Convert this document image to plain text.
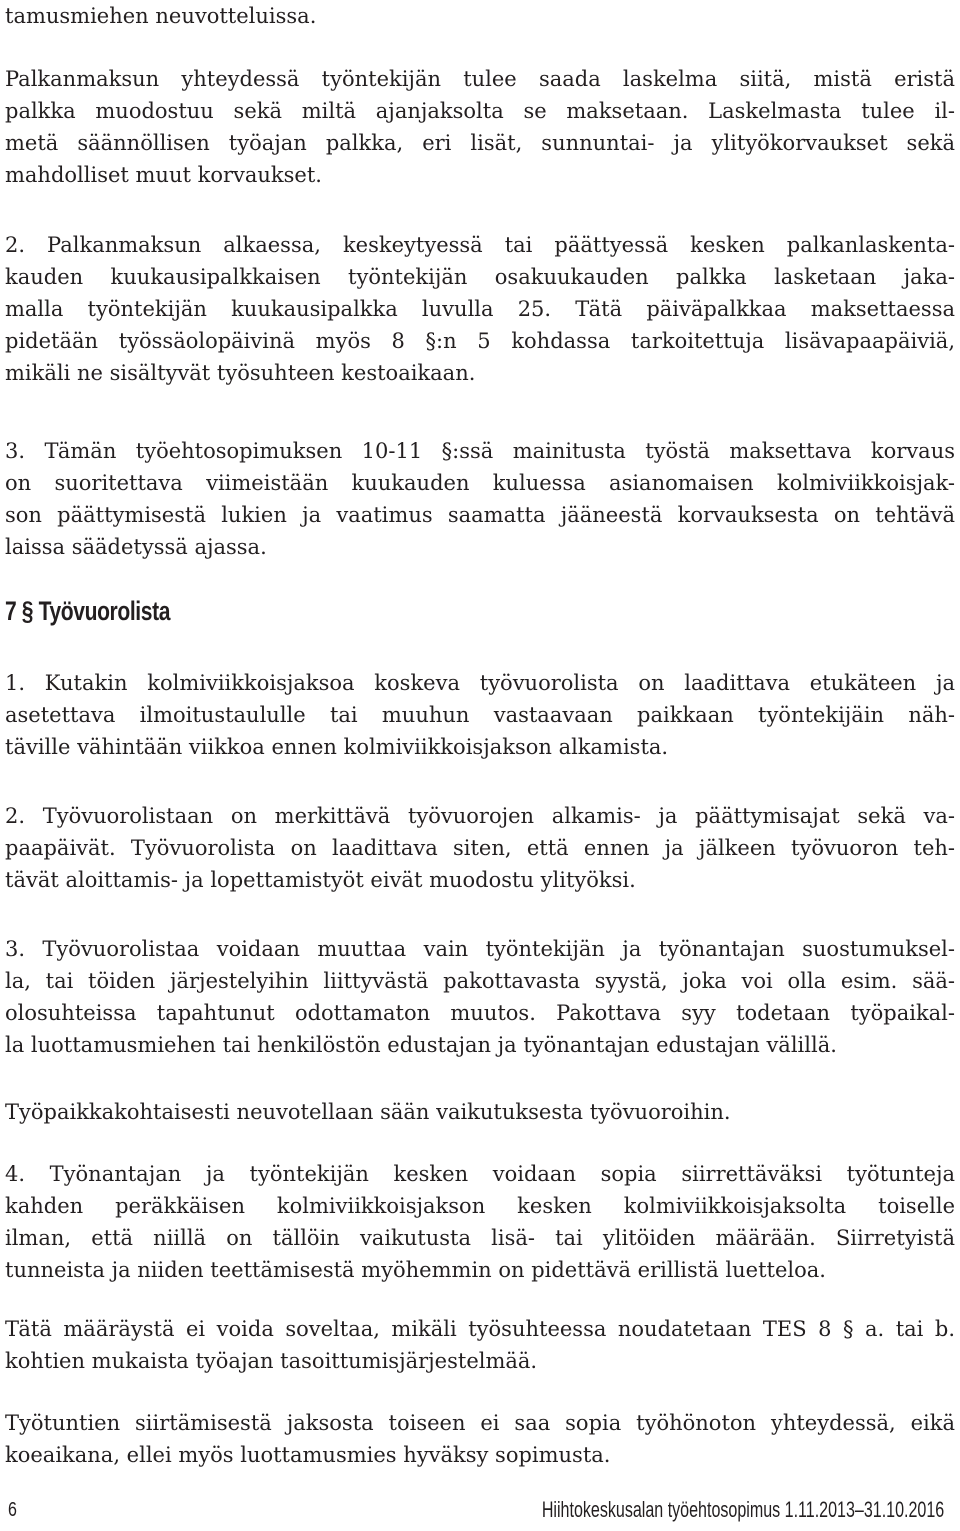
tamusmiehen neuvotteluissa.

Palkanmaksun yhteydessä työntekijän tulee saada laskelma siitä, mistä eristä
palkka muodostuu sekä miltä ajanjaksolta se maksetaan. Laskelmasta tulee il-
metä säännöllisen työajan palkka, eri lisät, sunnuntai- ja ylityökorvaukset sekä
mahdolliset muut korvaukset.

2. Palkanmaksun alkaessa, keskeytyessä tai päättyessä kesken palkanlaskenta-
kauden kuukausipalkkaisen työntekijän osakuukauden palkka lasketaan jaka-
malla työntekijän kuukausipalkka luvulla 25. Tätä päiväpalkkaa maksettaessa
pidetään työssäolopäivinä myös 8 §:n 5 kohdassa tarkoitettuja lisävapaapäiviä,
mikäli ne sisältyvät työsuhteen kestoaikaan.

3. Tämän työehtosopimuksen 10-11 §:ssä mainitusta työstä maksettava korvaus
on suoritettava viimeistään kuukauden kuluessa asianomaisen kolmiviikkoisjak-
son päättymisestä lukien ja vaatimus saamatta jääneestä korvauksesta on tehtävä
laissa säädetyssä ajassa.

7 § Työvuorolista

1. Kutakin kolmiviikkoisjaksoa koskeva työvuorolista on laadittava etukäteen ja
asetettava ilmoitustaululle tai muuhun vastaavaan paikkaan työntekijäin näh-
täville vähintään viikkoa ennen kolmiviikkoisjakson alkamista.

2. Työvuorolistaan on merkittävä työvuorojen alkamis- ja päättymisajat sekä va-
paapäivät. Työvuorolista on laadittava siten, että ennen ja jälkeen työvuoron teh-
tävät aloittamis- ja lopettamistyöt eivät muodostu ylityöksi.

3. Työvuorolistaa voidaan muuttaa vain työntekijän ja työnantajan suostumuksel-
la, tai töiden järjestelyihin liittyvästä pakottavasta syystä, joka voi olla esim. sää-
olosuhteissa tapahtunut odottamaton muutos. Pakottava syy todetaan työpaikal-
la luottamusmiehen tai henkilöstön edustajan ja työnantajan edustajan välillä.

Työpaikkakohtaisesti neuvotellaan sään vaikutuksesta työvuoroihin.

4. Työnantajan ja työntekijän kesken voidaan sopia siirrettäväksi työtunteja
kahden peräkkäisen kolmiviikkoisjakson kesken kolmiviikkoisjaksolta toiselle
ilman, että niillä on tällöin vaikutusta lisä- tai ylitöiden määrään. Siirretyistä
tunneista ja niiden teettämisestä myöhemmin on pidettävä erillistä luetteloa.

Tätä määräystä ei voida soveltaa, mikäli työsuhteessa noudatetaan TES 8 § a. tai b.
kohtien mukaista työajan tasoittumisjärjestelmää.

Työtuntien siirtämisestä jaksosta toiseen ei saa sopia työhönoton yhteydessä, eikä
koeaikana, ellei myös luottamusmies hyväksy sopimusta.

6	Hiihtokeskusalan työehtosopimus 1.11.2013–31.10.2016
